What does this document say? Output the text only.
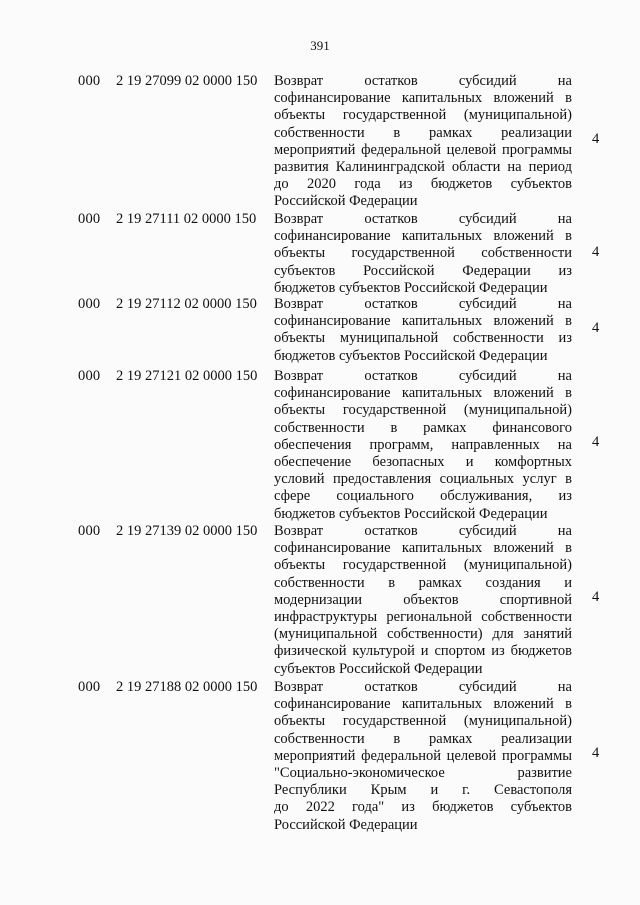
391
000 2 19 27099 02 0000 150 Возврат остатков субсидий на
софинансирование капитальных вложений в
объекты государственной (муниципальной)
собственности в рамках реализации
мероприятий федеральной целевой программы
развития Калининградской области на период
до 2020 года из бюджетов субъектов
Российской Федерации
4
000 2 19 27111 02 0000 150 Возврат остатков субсидий на
софинансирование капитальных вложений в
объекты государственной собственности
субъектов Российской Федерации из
бюджетов субъектов Российской Федерации
4
000 2 19 27112 02 0000 150 Возврат остатков субсидий на
софинансирование капитальных вложений в
объекты муниципальной собственности из
бюджетов субъектов Российской Федерации
4
000 2 19 27121 02 0000 150 Возврат остатков субсидий на
софинансирование капитальных вложений в
объекты государственной (муниципальной)
собственности в рамках финансового
обеспечения программ, направленных на
обеспечение безопасных и комфортных
условий предоставления социальных услуг в
сфере социального обслуживания, из
бюджетов субъектов Российской Федерации
4
000 2 19 27139 02 0000 150 Возврат остатков субсидий на
софинансирование капитальных вложений в
объекты государственной (муниципальной)
собственности в рамках создания и
модернизации объектов спортивной
инфраструктуры региональной собственности
(муниципальной собственности) для занятий
физической культурой и спортом из бюджетов
субъектов Российской Федерации
4
000 2 19 27188 02 0000 150 Возврат остатков субсидий на
софинансирование капитальных вложений в
объекты государственной (муниципальной)
собственности в рамках реализации
мероприятий федеральной целевой программы
"Социально-экономическое развитие
Республики Крым и г. Севастополя
до 2022 года" из бюджетов субъектов
Российской Федерации
4
